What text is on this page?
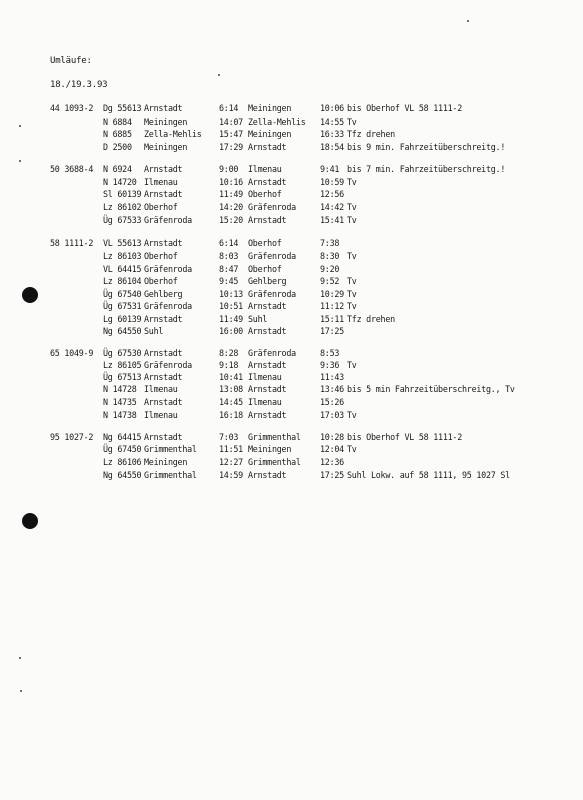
Umläufe:
18./19.3.93
44 1093-2 Dg 55613 Arnstadt	6:14 Meiningen	10:06 bis Oberhof VL 58 1111-2
N 6884 Meiningen	14:07 Zella-Mehlis 14:55 Tv
N 6885 Zella-Mehlis 15:47 Meiningen	16:33 Tfz drehen
D 2500 Meiningen	17:29 Arnstadt	18:54 bis 9 min. Fahrzeitüberschreitg.!
50 3688-4 N 6924 Arnstadt	9:00 Ilmenau	9:41 bis 7 min. Fahrzeitüberschreitg.!
N 14720 Ilmenau	10:16 Arnstadt	10:59 Tv
Sl 60139 Arnstadt	11:49 Oberhof	12:56
Lz 86102 Oberhof	14:20 Gräfenroda	14:42 Tv
Üg 67533 Gräfenroda	15:20 Arnstadt	15:41 Tv
58 1111-2 VL 55613 Arnstadt	6:14 Oberhof	7:38
Lz 86103 Oberhof	8:03 Gräfenroda	8:30 Tv
VL 64415 Gräfenroda	8:47 Oberhof	9:20
Lz 86104 Oberhof	9:45 Gehlberg	9:52 Tv
Üg 67540 Gehlberg	10:13 Gräfenroda	10:29 Tv
Üg 67531 Gräfenroda	10:51 Arnstadt	11:12 Tv
Lg 60139 Arnstadt	11:49 Suhl	15:11 Tfz drehen
Ng 64550 Suhl	16:00 Arnstadt	17:25
65 1049-9 Üg 67530 Arnstadt	8:28 Gräfenroda	8:53
Lz 86105 Gräfenroda	9:18 Arnstadt	9:36 Tv
Üg 67513 Arnstadt	10:41 Ilmenau	11:43
N 14728 Ilmenau	13:08 Arnstadt	13:46 bis 5 min Fahrzeitüberschreitg., Tv
N 14735 Arnstadt	14:45 Ilmenau	15:26
N 14738 Ilmenau	16:18 Arnstadt	17:03 Tv
95 1027-2 Ng 64415 Arnstadt	7:03 Grimmenthal 10:28 bis Oberhof VL 58 1111-2
Üg 67450 Grimmenthal	11:51 Meiningen	12:04 Tv
Lz 86106 Meiningen	12:27 Grimmenthal 12:36
Ng 64550 Grimmenthal	14:59 Arnstadt	17:25 Suhl Lokw. auf 58 1111, 95 1027 Sl
